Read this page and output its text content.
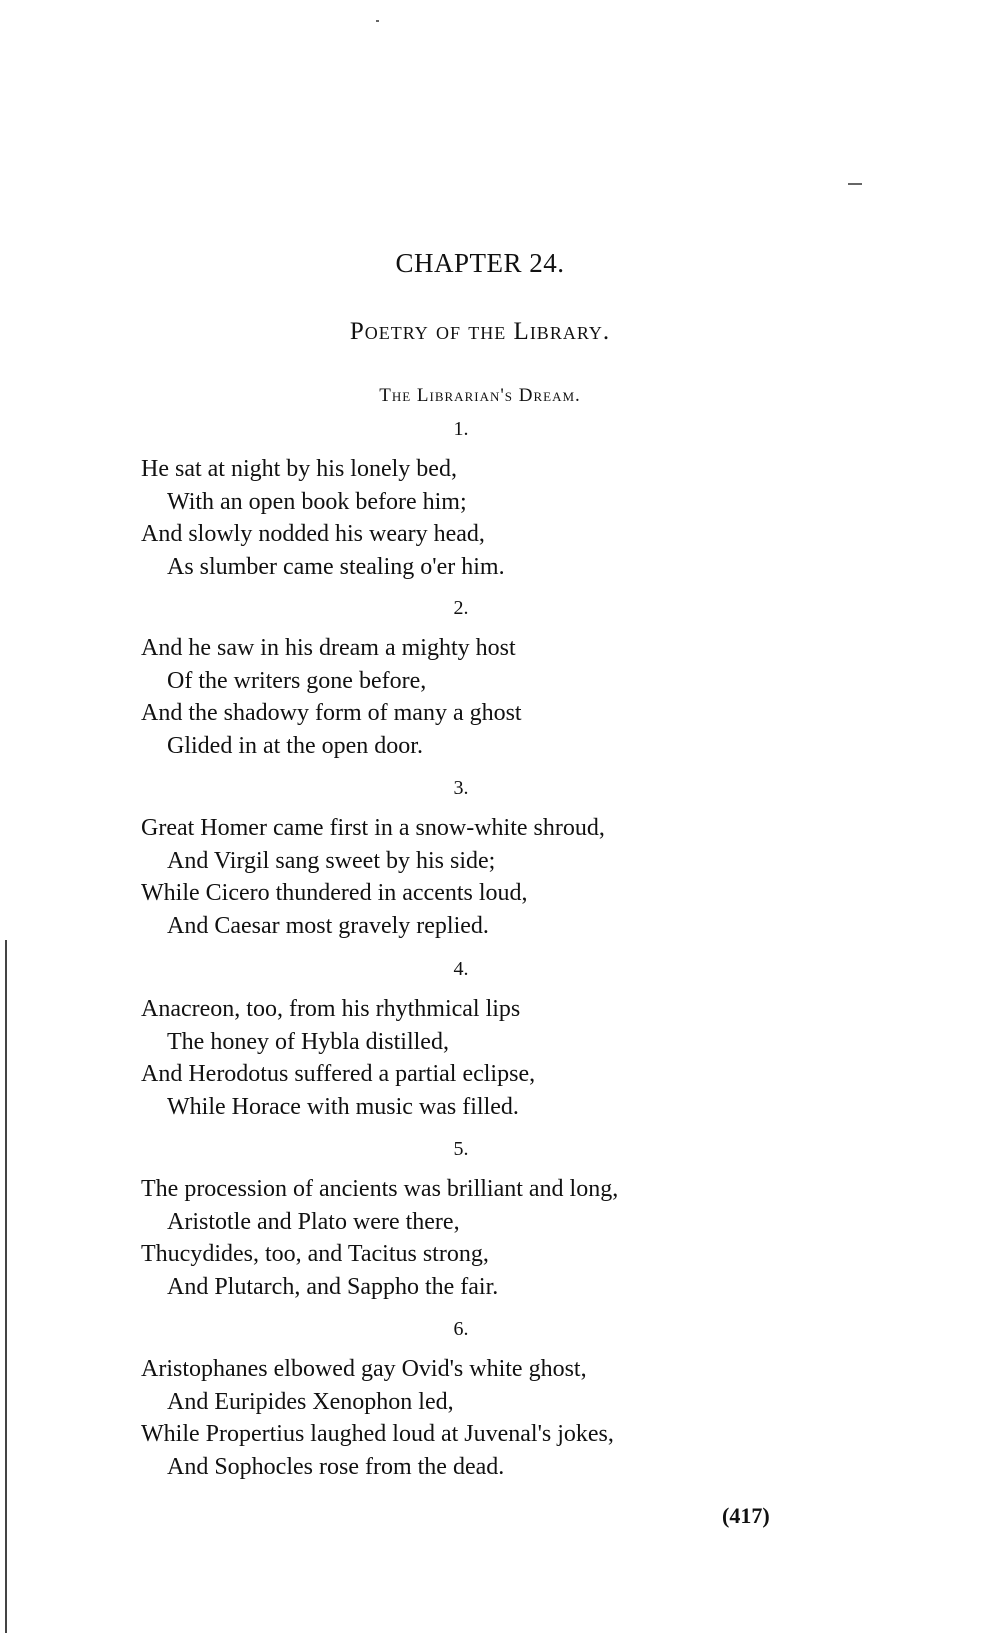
CHAPTER 24.
Poetry of the Library.
The Librarian's Dream.
1.
He sat at night by his lonely bed,
With an open book before him;
And slowly nodded his weary head,
As slumber came stealing o'er him.
2.
And he saw in his dream a mighty host
Of the writers gone before,
And the shadowy form of many a ghost
Glided in at the open door.
3.
Great Homer came first in a snow-white shroud,
And Virgil sang sweet by his side;
While Cicero thundered in accents loud,
And Caesar most gravely replied.
4.
Anacreon, too, from his rhythmical lips
The honey of Hybla distilled,
And Herodotus suffered a partial eclipse,
While Horace with music was filled.
5.
The procession of ancients was brilliant and long,
Aristotle and Plato were there,
Thucydides, too, and Tacitus strong,
And Plutarch, and Sappho the fair.
6.
Aristophanes elbowed gay Ovid's white ghost,
And Euripides Xenophon led,
While Propertius laughed loud at Juvenal's jokes,
And Sophocles rose from the dead.
(417)
